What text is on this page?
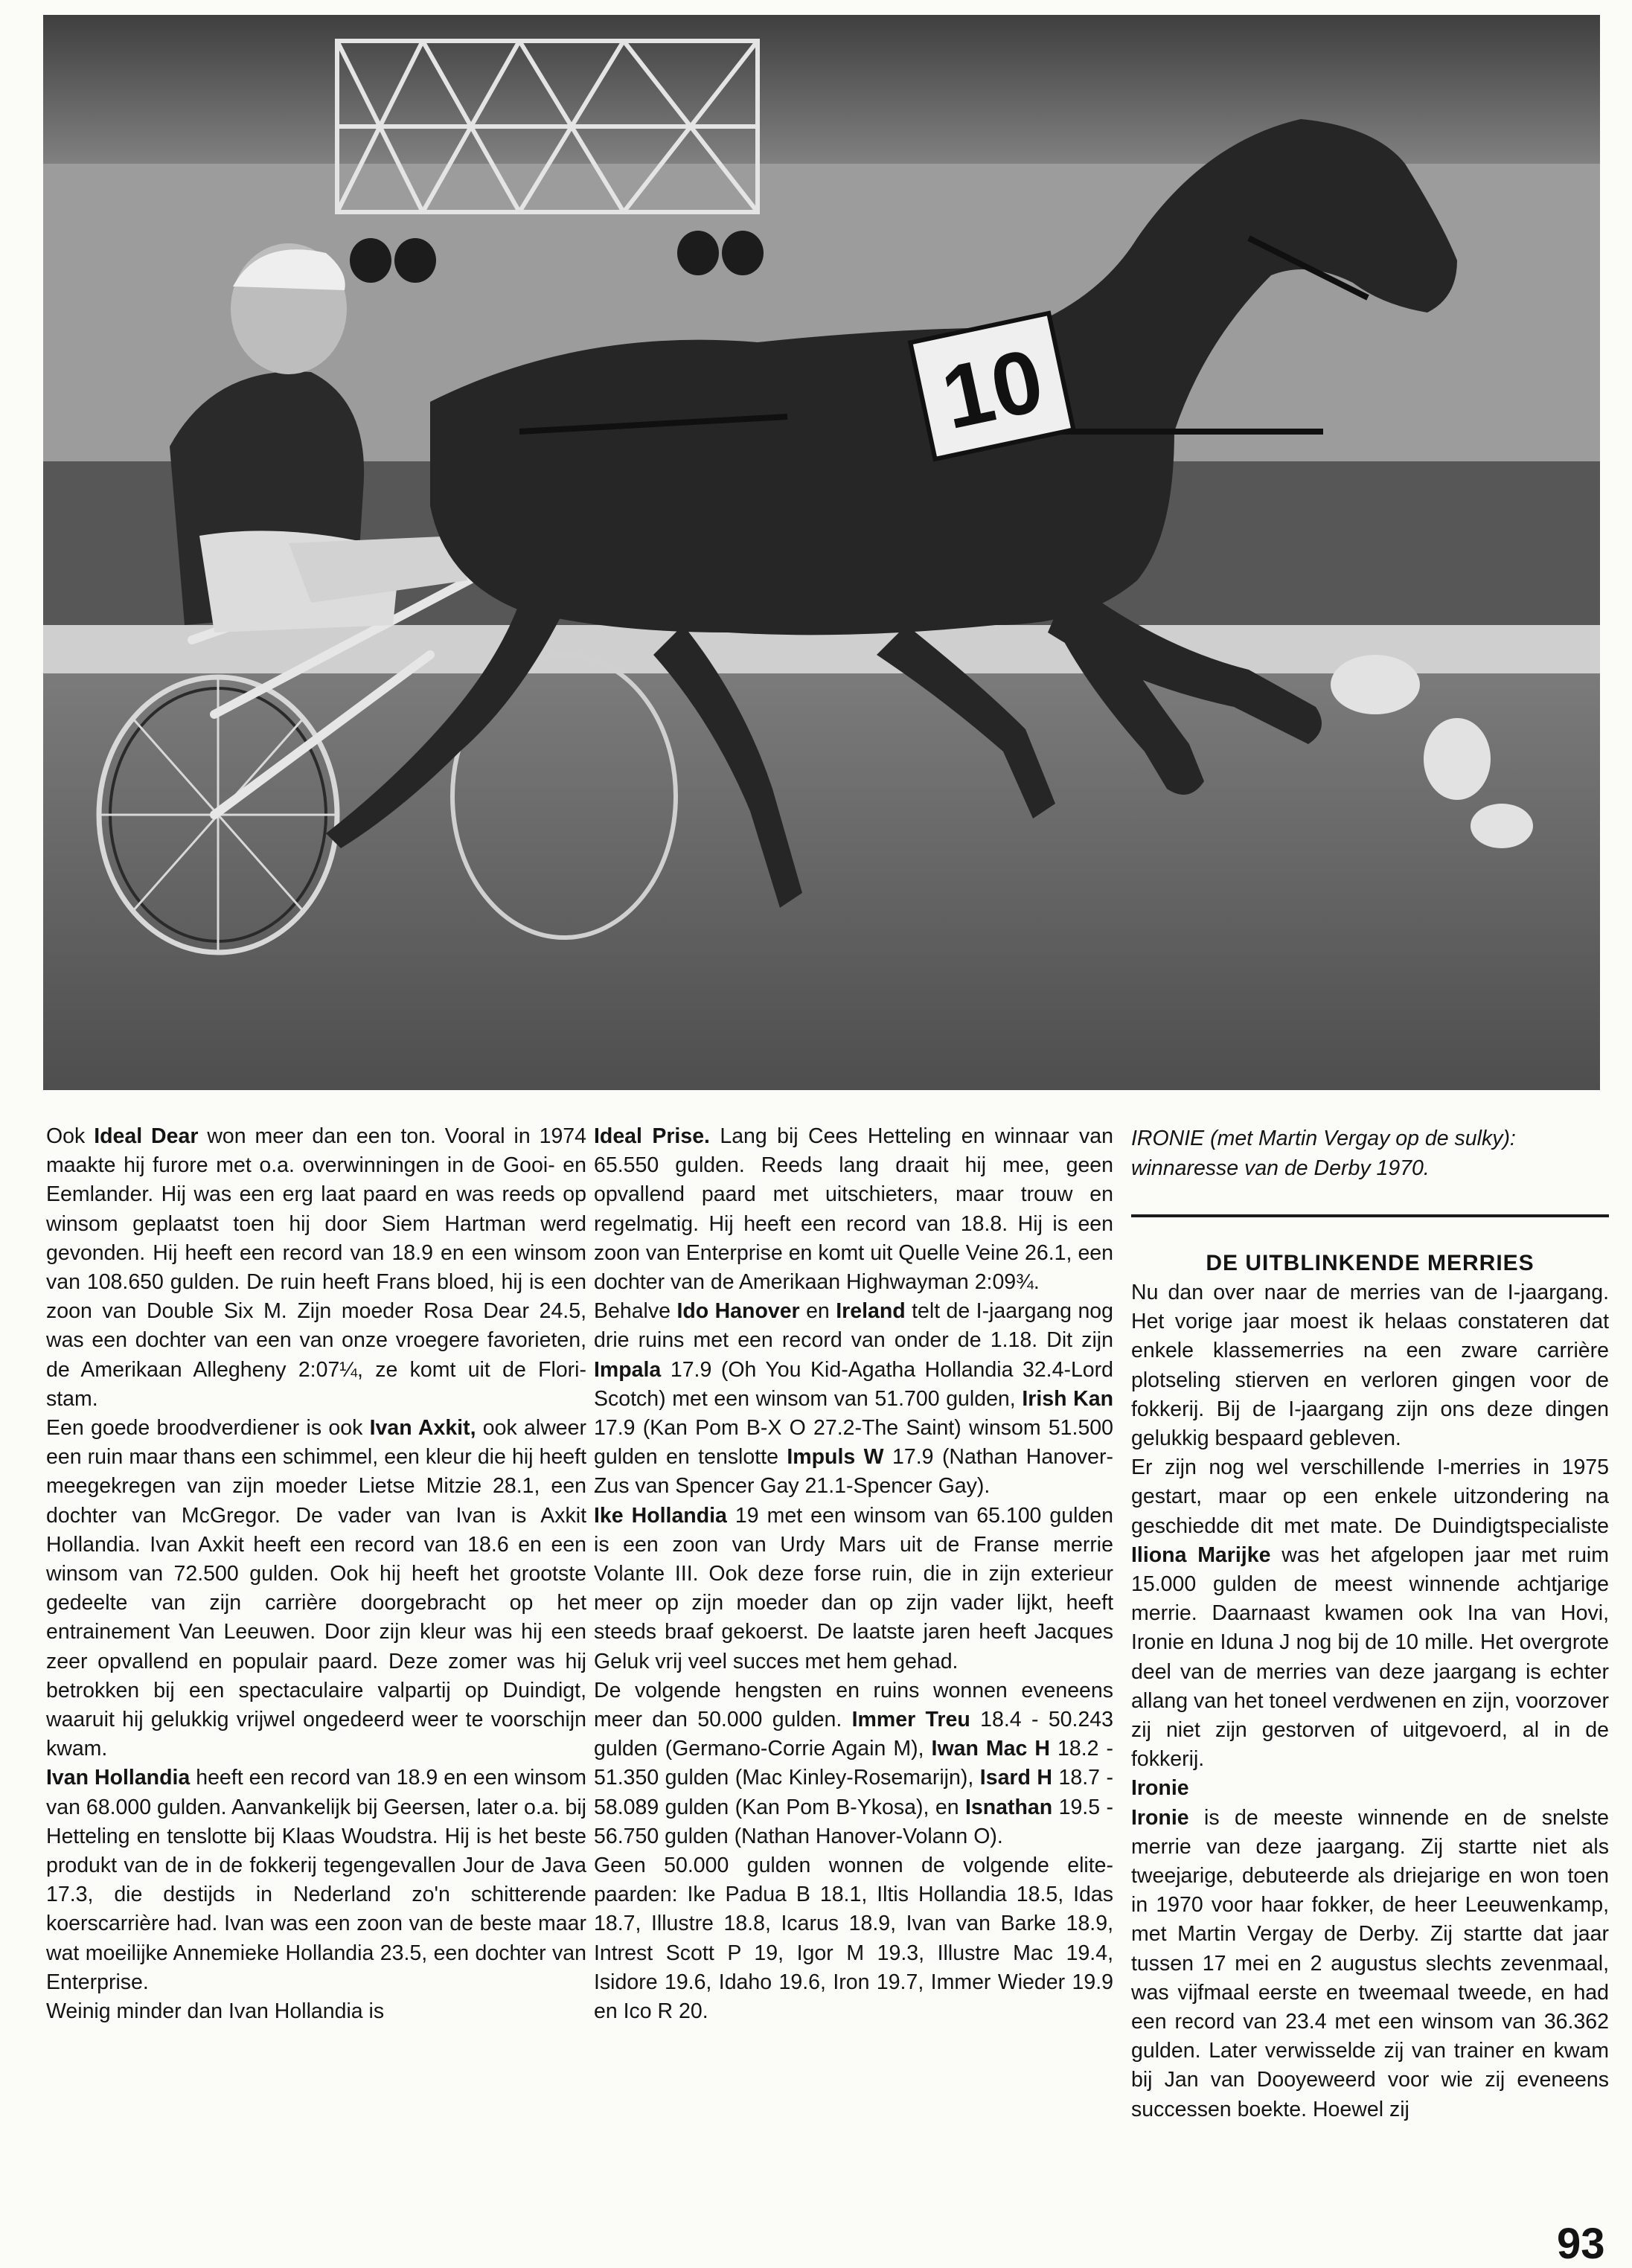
10

Ook Ideal Dear won meer dan een ton. Vooral in 1974 maakte hij furore met o.a. overwinningen in de Gooi- en Eemlander. Hij was een erg laat paard en was reeds op winsom geplaatst toen hij door Siem Hartman werd gevonden. Hij heeft een record van 18.9 en een winsom van 108.650 gulden. De ruin heeft Frans bloed, hij is een zoon van Double Six M. Zijn moeder Rosa Dear 24.5, was een dochter van een van onze vroegere favorieten, de Amerikaan Allegheny 2:07¼, ze komt uit de Flori-stam.

Een goede broodverdiener is ook Ivan Axkit, ook alweer een ruin maar thans een schimmel, een kleur die hij heeft meegekregen van zijn moeder Lietse Mitzie 28.1, een dochter van McGregor. De vader van Ivan is Axkit Hollandia. Ivan Axkit heeft een record van 18.6 en een winsom van 72.500 gulden. Ook hij heeft het grootste gedeelte van zijn carrière doorgebracht op het entrainement Van Leeuwen. Door zijn kleur was hij een zeer opvallend en populair paard. Deze zomer was hij betrokken bij een spectaculaire valpartij op Duindigt, waaruit hij gelukkig vrijwel ongedeerd weer te voorschijn kwam.

Ivan Hollandia heeft een record van 18.9 en een winsom van 68.000 gulden. Aanvankelijk bij Geersen, later o.a. bij Hetteling en tenslotte bij Klaas Woudstra. Hij is het beste produkt van de in de fokkerij tegengevallen Jour de Java 17.3, die destijds in Nederland zo'n schitterende koerscarrière had. Ivan was een zoon van de beste maar wat moeilijke Annemieke Hollandia 23.5, een dochter van Enterprise.

Weinig minder dan Ivan Hollandia is

Ideal Prise. Lang bij Cees Hetteling en winnaar van 65.550 gulden. Reeds lang draait hij mee, geen opvallend paard met uitschieters, maar trouw en regelmatig. Hij heeft een record van 18.8. Hij is een zoon van Enterprise en komt uit Quelle Veine 26.1, een dochter van de Amerikaan Highwayman 2:09¾.

Behalve Ido Hanover en Ireland telt de I-jaargang nog drie ruins met een record van onder de 1.18. Dit zijn Impala 17.9 (Oh You Kid-Agatha Hollandia 32.4-Lord Scotch) met een winsom van 51.700 gulden, Irish Kan 17.9 (Kan Pom B-X O 27.2-The Saint) winsom 51.500 gulden en tenslotte Impuls W 17.9 (Nathan Hanover-Zus van Spencer Gay 21.1-Spencer Gay).

Ike Hollandia 19 met een winsom van 65.100 gulden is een zoon van Urdy Mars uit de Franse merrie Volante III. Ook deze forse ruin, die in zijn exterieur meer op zijn moeder dan op zijn vader lijkt, heeft steeds braaf gekoerst. De laatste jaren heeft Jacques Geluk vrij veel succes met hem gehad.

De volgende hengsten en ruins wonnen eveneens meer dan 50.000 gulden. Immer Treu 18.4 - 50.243 gulden (Germano-Corrie Again M), Iwan Mac H 18.2 - 51.350 gulden (Mac Kinley-Rosemarijn), Isard H 18.7 - 58.089 gulden (Kan Pom B-Ykosa), en Isnathan 19.5 - 56.750 gulden (Nathan Hanover-Volann O).

Geen 50.000 gulden wonnen de volgende elite-paarden: Ike Padua B 18.1, Iltis Hollandia 18.5, Idas 18.7, Illustre 18.8, Icarus 18.9, Ivan van Barke 18.9, Intrest Scott P 19, Igor M 19.3, Illustre Mac 19.4, Isidore 19.6, Idaho 19.6, Iron 19.7, Immer Wieder 19.9 en Ico R 20.

IRONIE (met Martin Vergay op de sulky): winnaresse van de Derby 1970.

DE UITBLINKENDE MERRIES

Nu dan over naar de merries van de I-jaargang. Het vorige jaar moest ik helaas constateren dat enkele klassemerries na een zware carrière plotseling stierven en verloren gingen voor de fokkerij. Bij de I-jaargang zijn ons deze dingen gelukkig bespaard gebleven.

Er zijn nog wel verschillende I-merries in 1975 gestart, maar op een enkele uitzondering na geschiedde dit met mate. De Duindigtspecialiste Iliona Marijke was het afgelopen jaar met ruim 15.000 gulden de meest winnende achtjarige merrie. Daarnaast kwamen ook Ina van Hovi, Ironie en Iduna J nog bij de 10 mille. Het overgrote deel van de merries van deze jaargang is echter allang van het toneel verdwenen en zijn, voorzover zij niet zijn gestorven of uitgevoerd, al in de fokkerij.

Ironie

Ironie is de meeste winnende en de snelste merrie van deze jaargang. Zij startte niet als tweejarige, debuteerde als driejarige en won toen in 1970 voor haar fokker, de heer Leeuwenkamp, met Martin Vergay de Derby. Zij startte dat jaar tussen 17 mei en 2 augustus slechts zevenmaal, was vijfmaal eerste en tweemaal tweede, en had een record van 23.4 met een winsom van 36.362 gulden. Later verwisselde zij van trainer en kwam bij Jan van Dooyeweerd voor wie zij eveneens successen boekte. Hoewel zij

93
